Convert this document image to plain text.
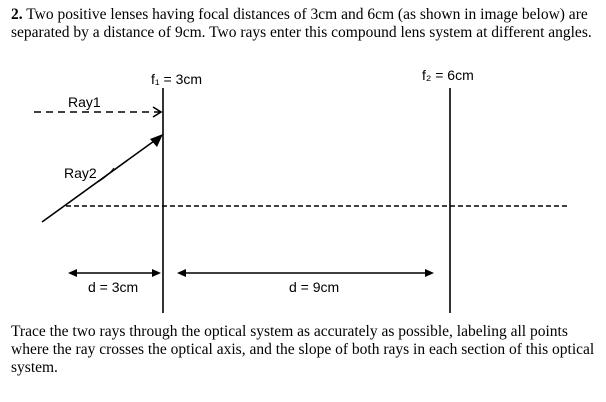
2. Two positive lenses having focal distances of 3cm and 6cm (as shown in image below) are separated by a distance of 9cm. Two rays enter this compound lens system at different angles.
f₁ = 3cm	f₂ = 6cm
Ray1
Ray2
d = 3cm	d = 9cm
Trace the two rays through the optical system as accurately as possible, labeling all points where the ray crosses the optical axis, and the slope of both rays in each section of this optical system.
